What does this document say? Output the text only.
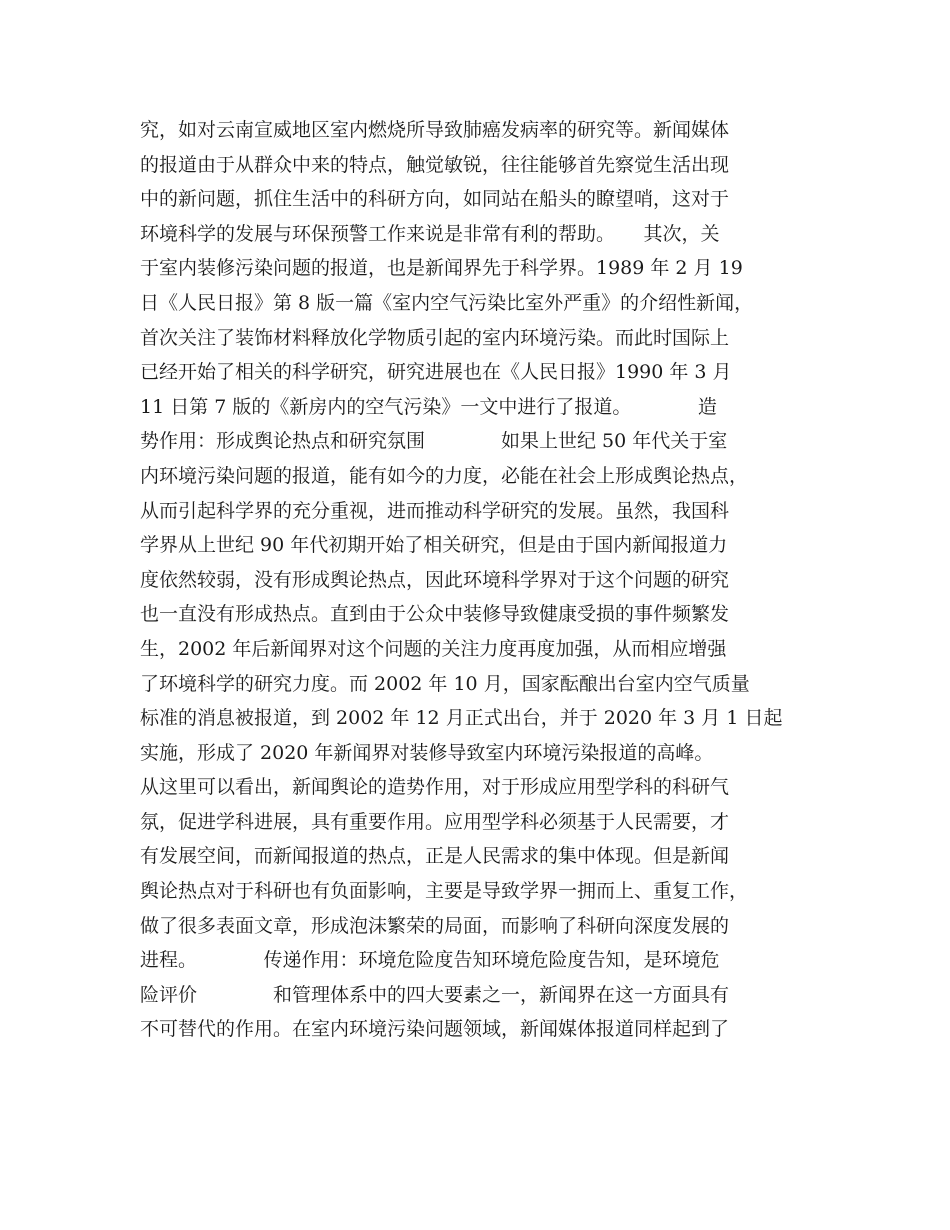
究，如对云南宣威地区室内燃烧所导致肺癌发病率的研究等。新闻媒体
的报道由于从群众中来的特点，触觉敏锐，往往能够首先察觉生活出现
中的新问题，抓住生活中的科研方向，如同站在船头的瞭望哨，这对于
环境科学的发展与环保预警工作来说是非常有利的帮助。　　其次，关
于室内装修污染问题的报道，也是新闻界先于科学界。1989 年 2 月 19
日《人民日报》第 8 版一篇《室内空气污染比室外严重》的介绍性新闻，
首次关注了装饰材料释放化学物质引起的室内环境污染。而此时国际上
已经开始了相关的科学研究，研究进展也在《人民日报》1990 年 3 月
11 日第 7 版的《新房内的空气污染》一文中进行了报道。　　　　造
势作用：形成舆论热点和研究氛围　　　　如果上世纪 50 年代关于室
内环境污染问题的报道，能有如今的力度，必能在社会上形成舆论热点，
从而引起科学界的充分重视，进而推动科学研究的发展。虽然，我国科
学界从上世纪 90 年代初期开始了相关研究，但是由于国内新闻报道力
度依然较弱，没有形成舆论热点，因此环境科学界对于这个问题的研究
也一直没有形成热点。直到由于公众中装修导致健康受损的事件频繁发
生，2002 年后新闻界对这个问题的关注力度再度加强，从而相应增强
了环境科学的研究力度。而 2002 年 10 月，国家酝酿出台室内空气质量
标准的消息被报道，到 2002 年 12 月正式出台，并于 2020 年 3 月 1 日起
实施，形成了 2020 年新闻界对装修导致室内环境污染报道的高峰。
从这里可以看出，新闻舆论的造势作用，对于形成应用型学科的科研气
氛，促进学科进展，具有重要作用。应用型学科必须基于人民需要，才
有发展空间，而新闻报道的热点，正是人民需求的集中体现。但是新闻
舆论热点对于科研也有负面影响，主要是导致学界一拥而上、重复工作，
做了很多表面文章，形成泡沫繁荣的局面，而影响了科研向深度发展的
进程。　　　　传递作用：环境危险度告知环境危险度告知，是环境危
险评价　　　　和管理体系中的四大要素之一，新闻界在这一方面具有
不可替代的作用。在室内环境污染问题领域，新闻媒体报道同样起到了
